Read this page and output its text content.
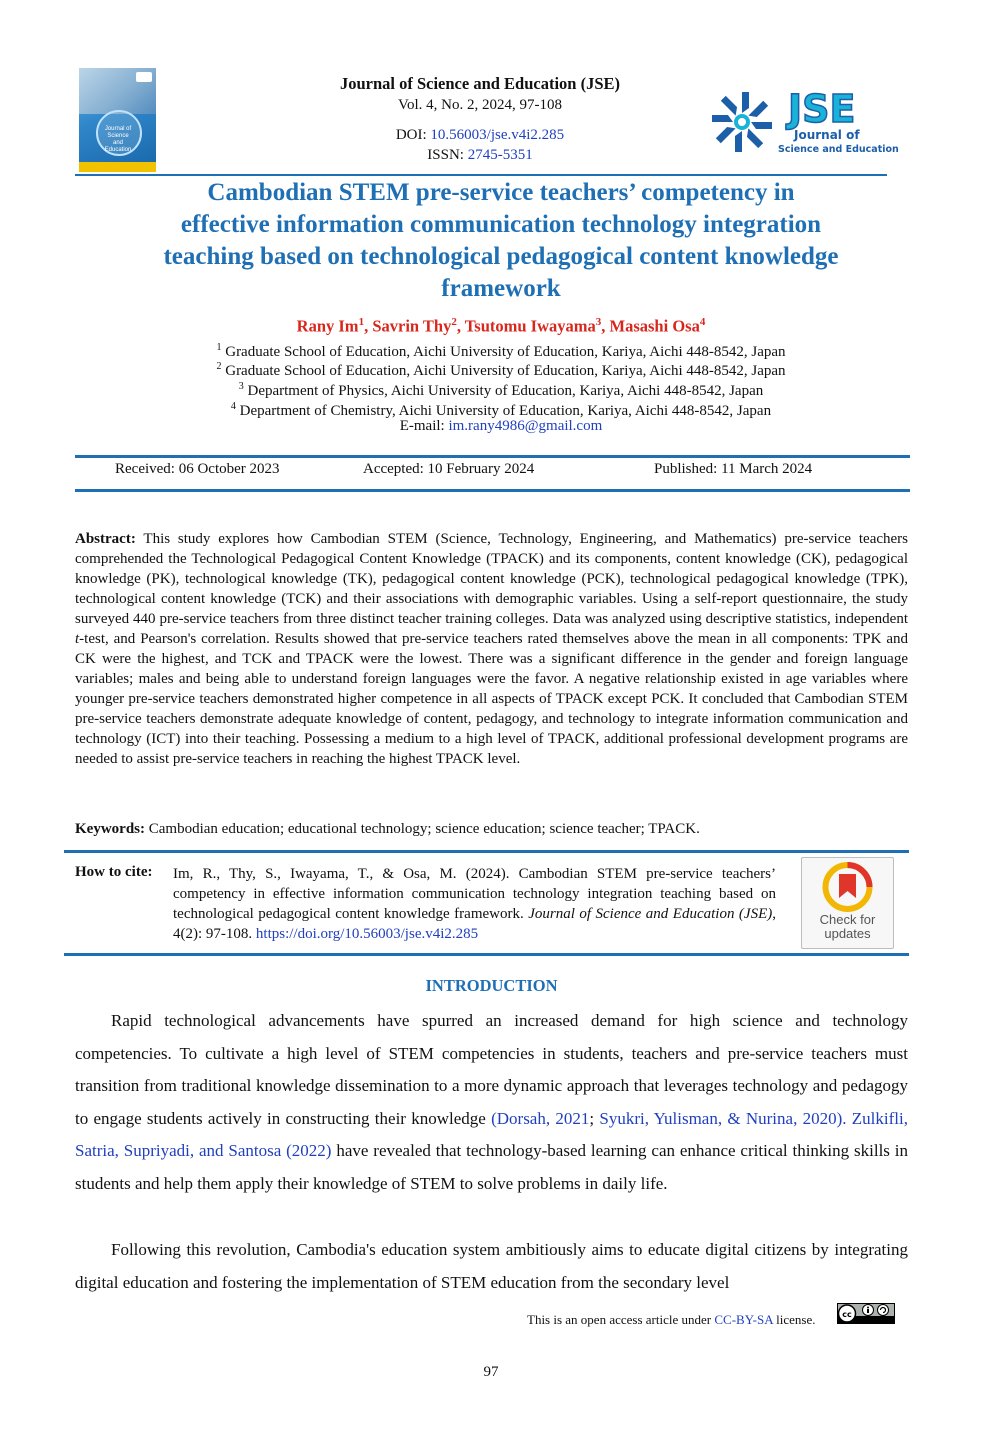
Journal of Science and Education
Journal of Science and Education (JSE)
Vol. 4, No. 2, 2024, 97-108
DOI: 10.56003/jse.v4i2.285
ISSN: 2745-5351
JSE
Journal of
Science and Education
Cambodian STEM pre-service teachers’ competency in
effective information communication technology integration
teaching based on technological pedagogical content knowledge
framework
Rany Im$^1$, Savrin Thy$^2$, Tsutomu Iwayama$^3$, Masashi Osa$^4$
$^1$ Graduate School of Education, Aichi University of Education, Kariya, Aichi 448-8542, Japan
$^2$ Graduate School of Education, Aichi University of Education, Kariya, Aichi 448-8542, Japan
$^3$ Department of Physics, Aichi University of Education, Kariya, Aichi 448-8542, Japan
$^4$ Department of Chemistry, Aichi University of Education, Kariya, Aichi 448-8542, Japan
E-mail: im.rany4986@gmail.com
Received: 06 October 2023	Accepted: 10 February 2024	Published: 11 March 2024
Abstract: This study explores how Cambodian STEM (Science, Technology, Engineering, and Mathematics) pre-service teachers comprehended the Technological Pedagogical Content Knowledge (TPACK) and its components, content knowledge (CK), pedagogical knowledge (PK), technological knowledge (TK), pedagogical content knowledge (PCK), technological pedagogical knowledge (TPK), technological content knowledge (TCK) and their associations with demographic variables. Using a self-report questionnaire, the study surveyed 440 pre-service teachers from three distinct teacher training colleges. Data was analyzed using descriptive statistics, independent t-test, and Pearson's correlation. Results showed that pre-service teachers rated themselves above the mean in all components: TPK and CK were the highest, and TCK and TPACK were the lowest. There was a significant difference in the gender and foreign language variables; males and being able to understand foreign languages were the favor. A negative relationship existed in age variables where younger pre-service teachers demonstrated higher competence in all aspects of TPACK except PCK. It concluded that Cambodian STEM pre-service teachers demonstrate adequate knowledge of content, pedagogy, and technology to integrate information communication and technology (ICT) into their teaching. Possessing a medium to a high level of TPACK, additional professional development programs are needed to assist pre-service teachers in reaching the highest TPACK level.
Keywords: Cambodian education; educational technology; science education; science teacher; TPACK.
How to cite: Im, R., Thy, S., Iwayama, T., & Osa, M. (2024). Cambodian STEM pre-service teachers’ competency in effective information communication technology integration teaching based on technological pedagogical content knowledge framework. Journal of Science and Education (JSE), 4(2): 97-108. https://doi.org/10.56003/jse.v4i2.285
Check for
updates
INTRODUCTION
Rapid technological advancements have spurred an increased demand for high science and technology competencies. To cultivate a high level of STEM competencies in students, teachers and pre-service teachers must transition from traditional knowledge dissemination to a more dynamic approach that leverages technology and pedagogy to engage students actively in constructing their knowledge (Dorsah, 2021; Syukri, Yulisman, & Nurina, 2020). Zulkifli, Satria, Supriyadi, and Santosa (2022) have revealed that technology-based learning can enhance critical thinking skills in students and help them apply their knowledge of STEM to solve problems in daily life.
Following this revolution, Cambodia's education system ambitiously aims to educate digital citizens by integrating digital education and fostering the implementation of STEM education from the secondary level
This is an open access article under CC-BY-SA license.	cc
97
